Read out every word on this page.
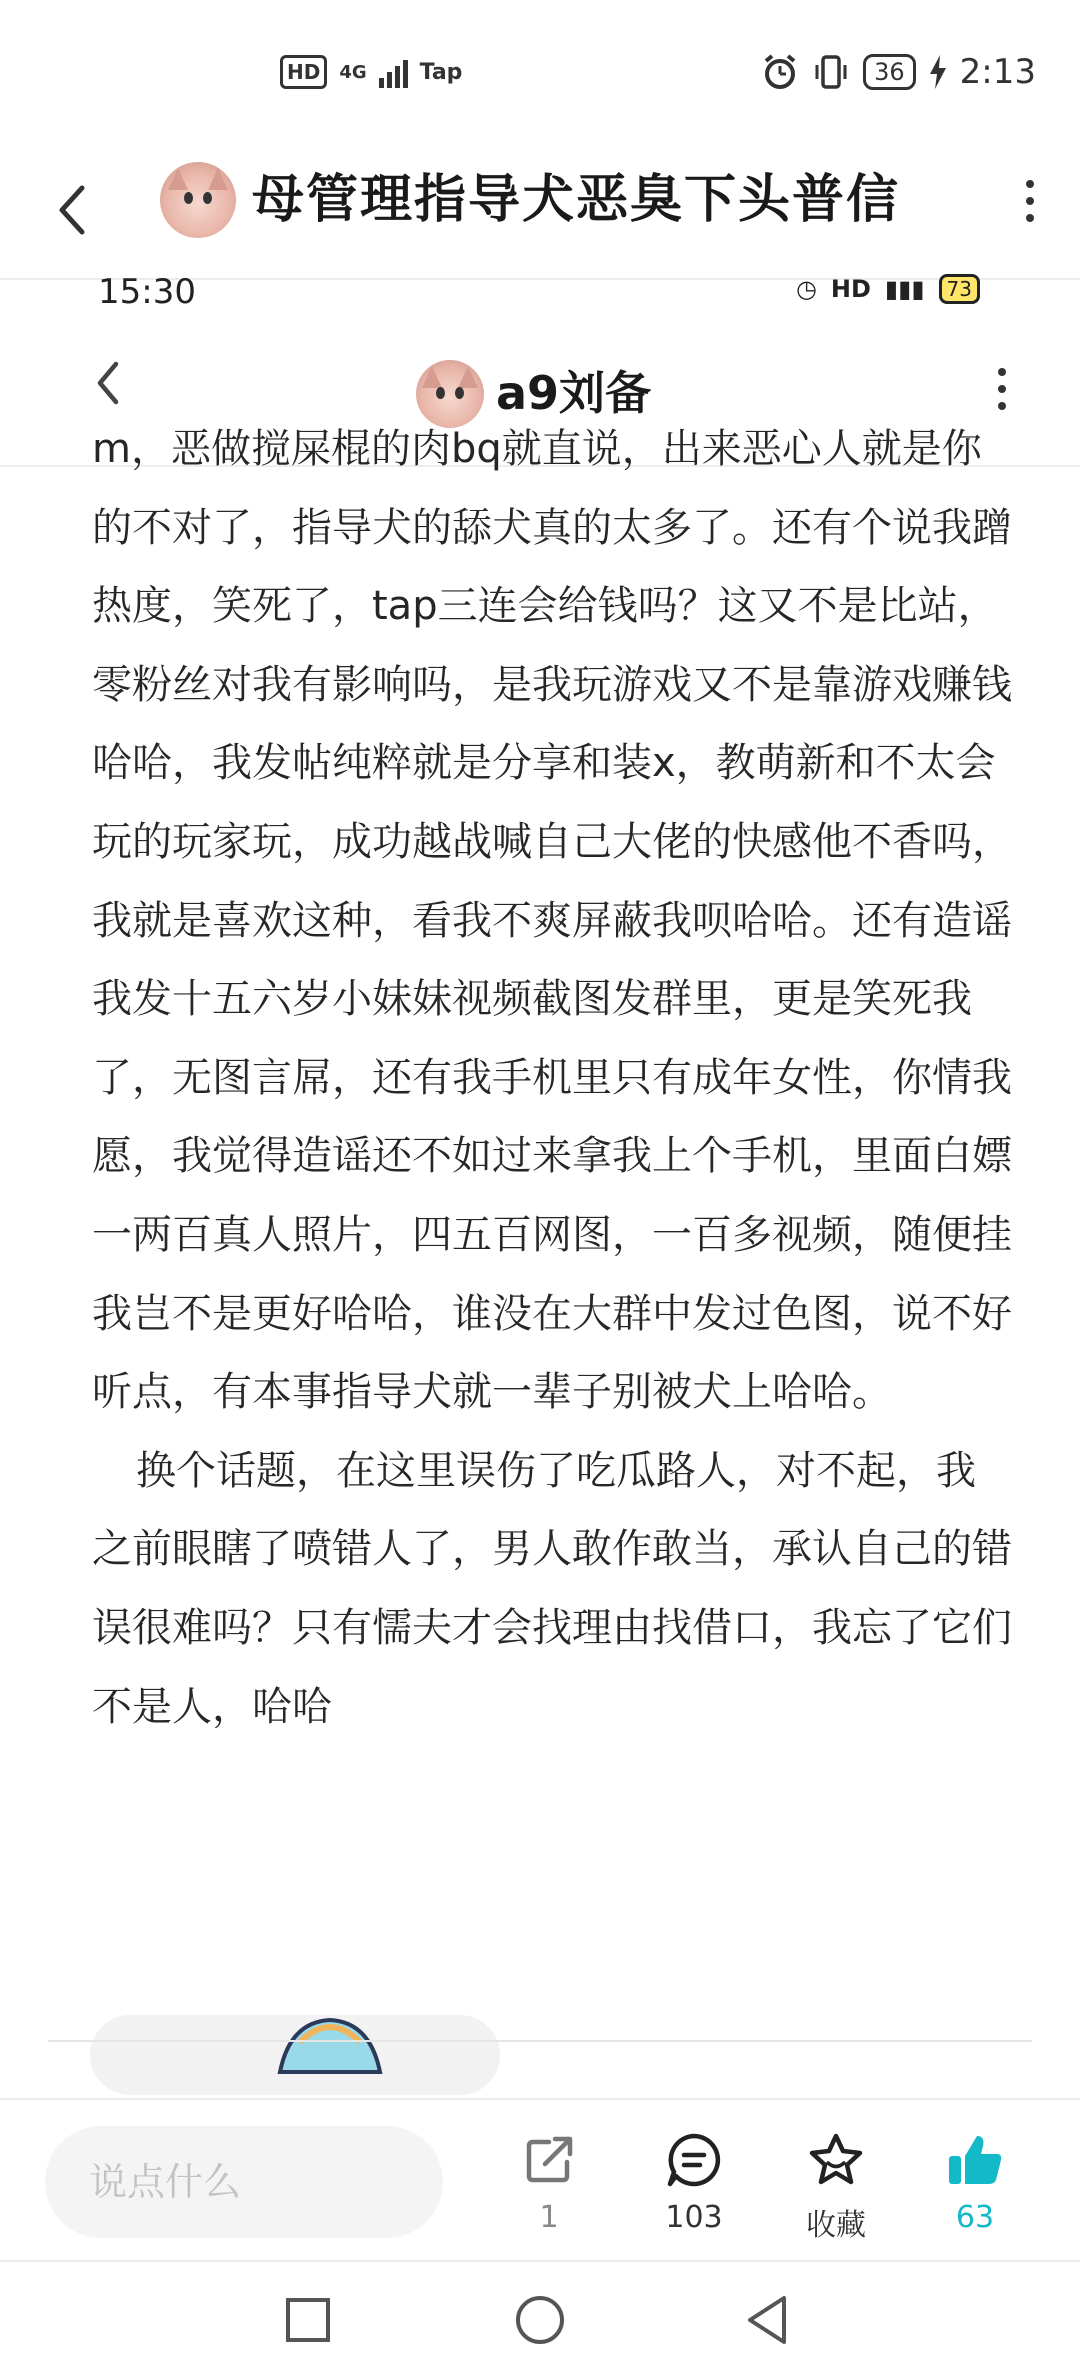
HD	4G Tap	36	2:13
母管理指导犬恶臭下头普信
15:30	◷ HD ▮▮▮	73
a9刘备

m，恶做搅屎棍的肉bq就直说，出来恶心人就是你的不对了，指导犬的舔犬真的太多了。还有个说我蹭热度，笑死了，tap三连会给钱吗？这又不是比站，零粉丝对我有影响吗，是我玩游戏又不是靠游戏赚钱哈哈，我发帖纯粹就是分享和装x，教萌新和不太会玩的玩家玩，成功越战喊自己大佬的快感他不香吗，我就是喜欢这种，看我不爽屏蔽我呗哈哈。还有造谣我发十五六岁小妹妹视频截图发群里，更是笑死我了，无图言屌，还有我手机里只有成年女性，你情我愿，我觉得造谣还不如过来拿我上个手机，里面白嫖一两百真人照片，四五百网图，一百多视频，随便挂我岂不是更好哈哈，谁没在大群中发过色图，说不好听点，有本事指导犬就一辈子别被犬上哈哈。

换个话题，在这里误伤了吃瓜路人，对不起，我之前眼瞎了喷错人了，男人敢作敢当，承认自己的错误很难吗？只有懦夫才会找理由找借口，我忘了它们不是人，哈哈

说点什么
1	103	收藏	63
